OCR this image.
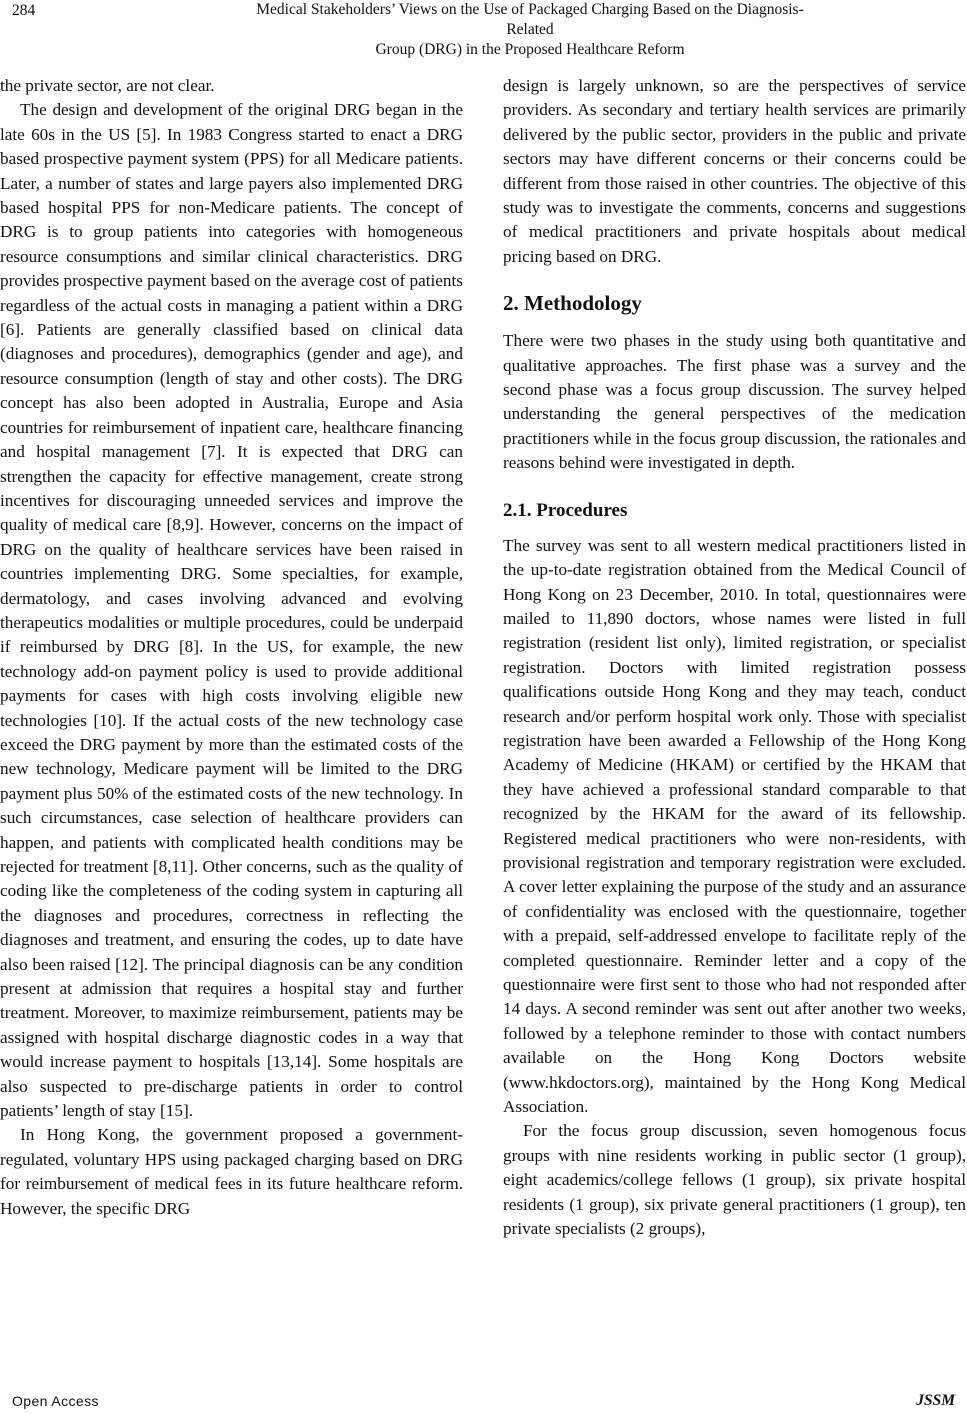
284	Medical Stakeholders’ Views on the Use of Packaged Charging Based on the Diagnosis-Related
Group (DRG) in the Proposed Healthcare Reform

the private sector, are not clear.

The design and development of the original DRG began in the late 60s in the US [5]. In 1983 Congress started to enact a DRG based prospective payment system (PPS) for all Medicare patients. Later, a number of states and large payers also implemented DRG based hospital PPS for non-Medicare patients. The concept of DRG is to group patients into categories with homogeneous resource consumptions and similar clinical characteristics. DRG provides prospective payment based on the average cost of patients regardless of the actual costs in managing a patient within a DRG [6]. Patients are generally classified based on clinical data (diagnoses and procedures), demographics (gender and age), and resource consumption (length of stay and other costs). The DRG concept has also been adopted in Australia, Europe and Asia countries for reimbursement of inpatient care, healthcare financing and hospital management [7]. It is expected that DRG can strengthen the capacity for effective management, create strong incentives for discouraging unneeded services and improve the quality of medical care [8,9]. However, concerns on the impact of DRG on the quality of healthcare services have been raised in countries implementing DRG. Some specialties, for example, dermatology, and cases involving advanced and evolving therapeutics modalities or multiple procedures, could be underpaid if reimbursed by DRG [8]. In the US, for example, the new technology add-on payment policy is used to provide additional payments for cases with high costs involving eligible new technologies [10]. If the actual costs of the new technology case exceed the DRG payment by more than the estimated costs of the new technology, Medicare payment will be limited to the DRG payment plus 50% of the estimated costs of the new technology. In such circumstances, case selection of healthcare providers can happen, and patients with complicated health conditions may be rejected for treatment [8,11]. Other concerns, such as the quality of coding like the completeness of the coding system in capturing all the diagnoses and procedures, correctness in reflecting the diagnoses and treatment, and ensuring the codes, up to date have also been raised [12]. The principal diagnosis can be any condition present at admission that requires a hospital stay and further treatment. Moreover, to maximize reimbursement, patients may be assigned with hospital discharge diagnostic codes in a way that would increase payment to hospitals [13,14]. Some hospitals are also suspected to pre-discharge patients in order to control patients’ length of stay [15].

In Hong Kong, the government proposed a government-regulated, voluntary HPS using packaged charging based on DRG for reimbursement of medical fees in its future healthcare reform. However, the specific DRG

design is largely unknown, so are the perspectives of service providers. As secondary and tertiary health services are primarily delivered by the public sector, providers in the public and private sectors may have different concerns or their concerns could be different from those raised in other countries. The objective of this study was to investigate the comments, concerns and suggestions of medical practitioners and private hospitals about medical pricing based on DRG.

2. Methodology

There were two phases in the study using both quantitative and qualitative approaches. The first phase was a survey and the second phase was a focus group discussion. The survey helped understanding the general perspectives of the medication practitioners while in the focus group discussion, the rationales and reasons behind were investigated in depth.

2.1. Procedures

The survey was sent to all western medical practitioners listed in the up-to-date registration obtained from the Medical Council of Hong Kong on 23 December, 2010. In total, questionnaires were mailed to 11,890 doctors, whose names were listed in full registration (resident list only), limited registration, or specialist registration. Doctors with limited registration possess qualifications outside Hong Kong and they may teach, conduct research and/or perform hospital work only. Those with specialist registration have been awarded a Fellowship of the Hong Kong Academy of Medicine (HKAM) or certified by the HKAM that they have achieved a professional standard comparable to that recognized by the HKAM for the award of its fellowship. Registered medical practitioners who were non-residents, with provisional registration and temporary registration were excluded. A cover letter explaining the purpose of the study and an assurance of confidentiality was enclosed with the questionnaire, together with a prepaid, self-addressed envelope to facilitate reply of the completed questionnaire. Reminder letter and a copy of the questionnaire were first sent to those who had not responded after 14 days. A second reminder was sent out after another two weeks, followed by a telephone reminder to those with contact numbers available on the Hong Kong Doctors website (www.hkdoctors.org), maintained by the Hong Kong Medical Association.

For the focus group discussion, seven homogenous focus groups with nine residents working in public sector (1 group), eight academics/college fellows (1 group), six private hospital residents (1 group), six private general practitioners (1 group), ten private specialists (2 groups),

Open Access	JSSM
